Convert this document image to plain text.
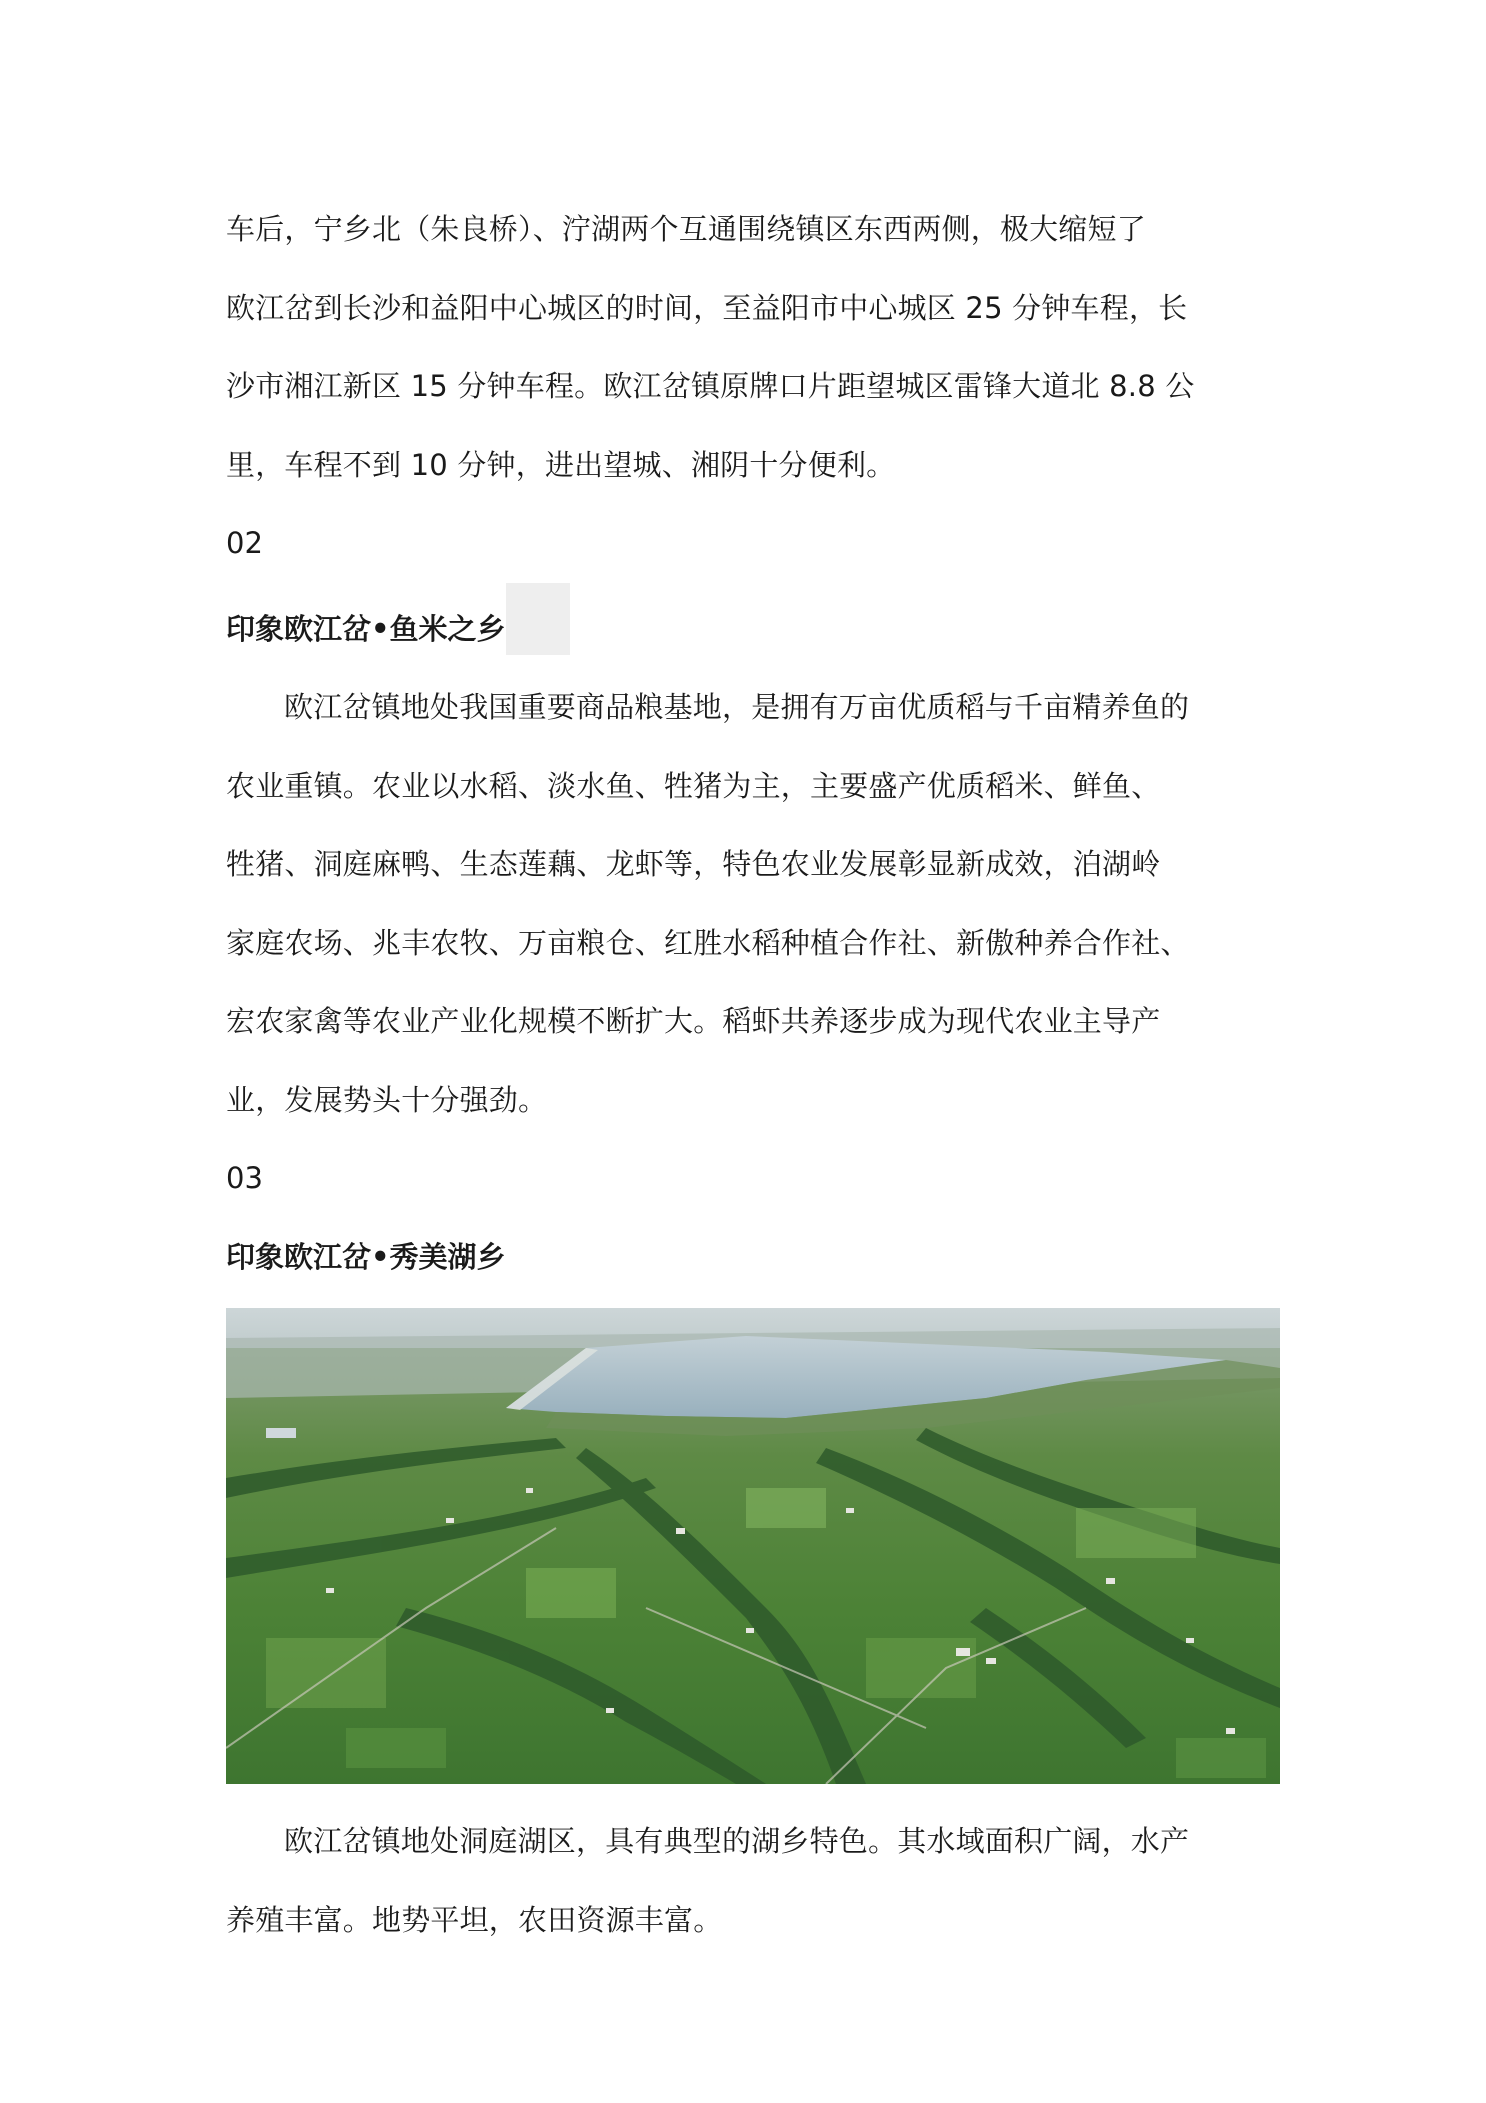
车后，宁乡北（朱良桥）、泞湖两个互通围绕镇区东西两侧，极大缩短了
欧江岔到长沙和益阳中心城区的时间，至益阳市中心城区 25 分钟车程，长
沙市湘江新区 15 分钟车程。欧江岔镇原牌口片距望城区雷锋大道北 8.8 公
里，车程不到 10 分钟，进出望城、湘阴十分便利。

02

印象欧江岔•鱼米之乡

欧江岔镇地处我国重要商品粮基地，是拥有万亩优质稻与千亩精养鱼的
农业重镇。农业以水稻、淡水鱼、牲猪为主，主要盛产优质稻米、鲜鱼、
牲猪、洞庭麻鸭、生态莲藕、龙虾等，特色农业发展彰显新成效，泊湖岭
家庭农场、兆丰农牧、万亩粮仓、红胜水稻种植合作社、新傲种养合作社、
宏农家禽等农业产业化规模不断扩大。稻虾共养逐步成为现代农业主导产
业，发展势头十分强劲。

03

印象欧江岔•秀美湖乡

欧江岔镇地处洞庭湖区，具有典型的湖乡特色。其水域面积广阔，水产
养殖丰富。地势平坦，农田资源丰富。
